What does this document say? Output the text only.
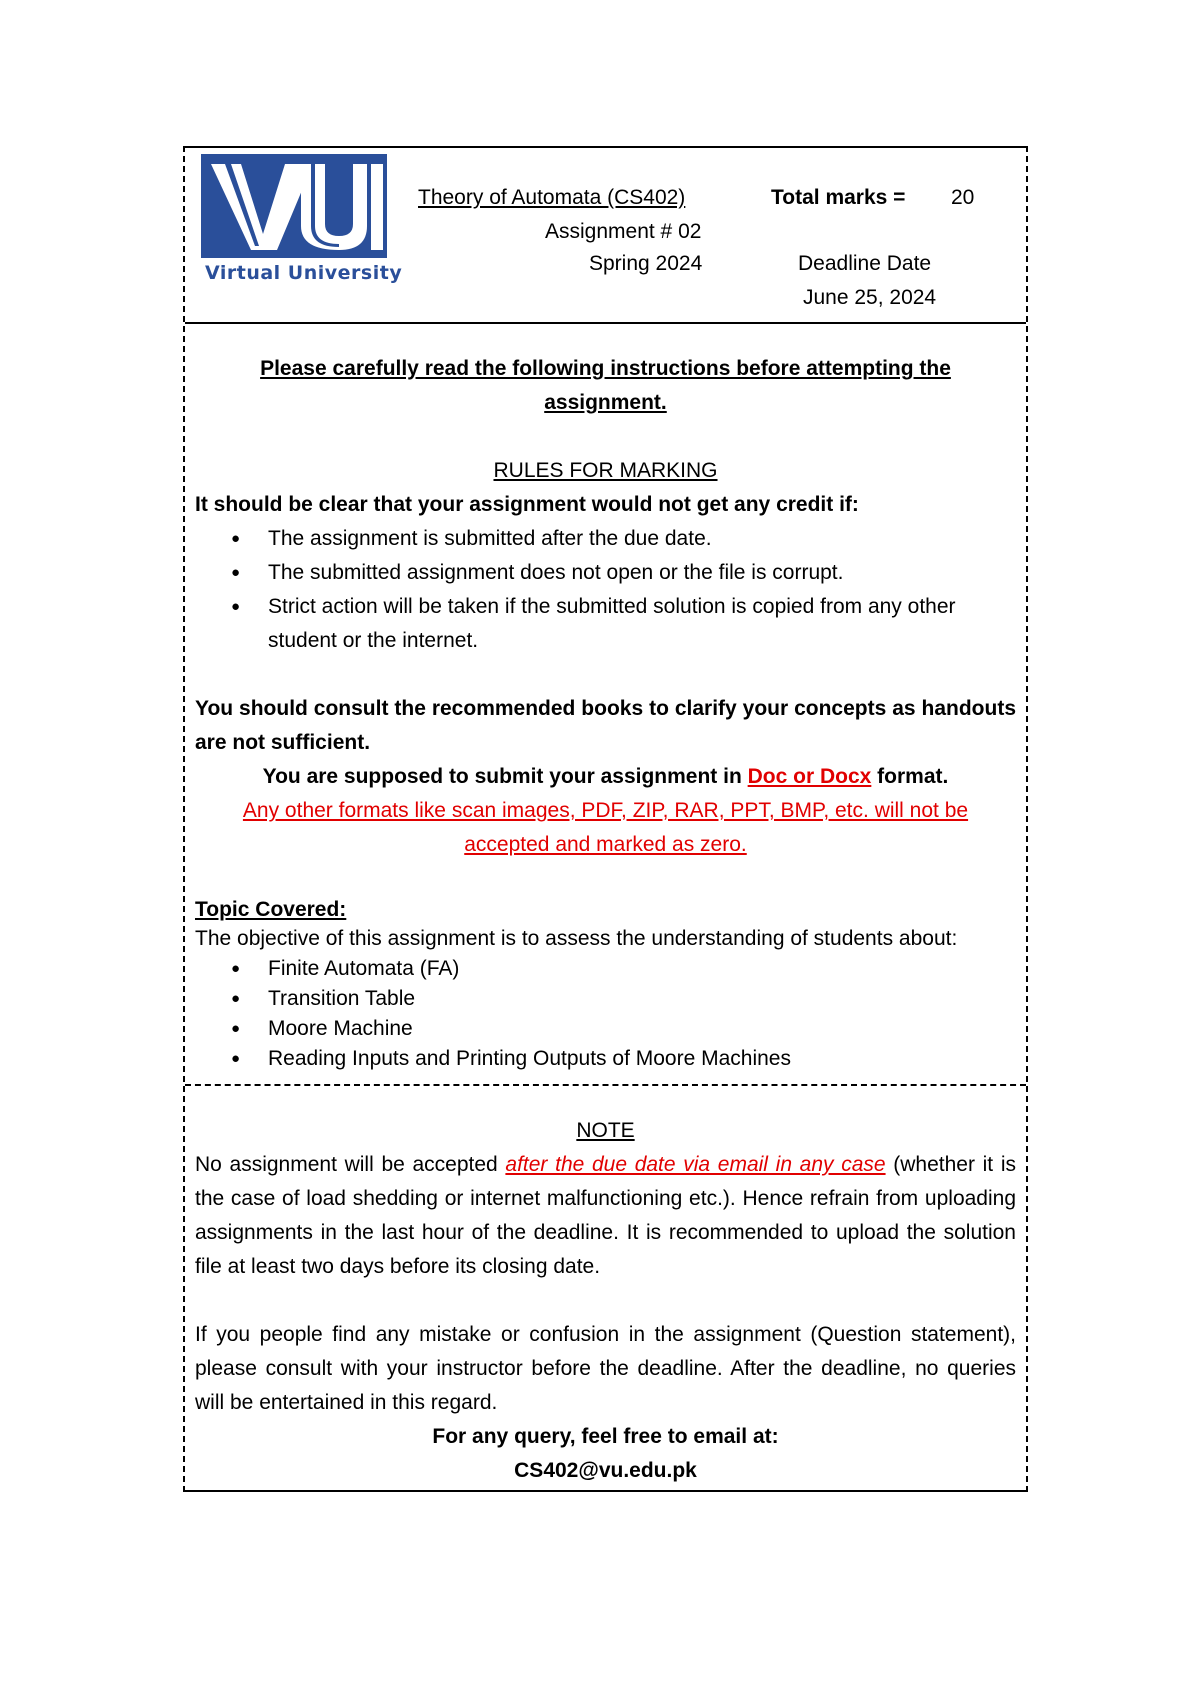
Virtual University
Theory of Automata (CS402)
Assignment # 02
Spring 2024
Total marks = 20
Deadline Date
June 25, 2024

Please carefully read the following instructions before attempting the assignment.

RULES FOR MARKING

It should be clear that your assignment would not get any credit if:

● The assignment is submitted after the due date.
● The submitted assignment does not open or the file is corrupt.
● Strict action will be taken if the submitted solution is copied from any other student or the internet.

You should consult the recommended books to clarify your concepts as handouts are not sufficient.

You are supposed to submit your assignment in Doc or Docx format.

Any other formats like scan images, PDF, ZIP, RAR, PPT, BMP, etc. will not be accepted and marked as zero.

Topic Covered:

The objective of this assignment is to assess the understanding of students about:

● Finite Automata (FA)
● Transition Table
● Moore Machine
● Reading Inputs and Printing Outputs of Moore Machines

NOTE

No assignment will be accepted after the due date via email in any case (whether it is the case of load shedding or internet malfunctioning etc.). Hence refrain from uploading assignments in the last hour of the deadline. It is recommended to upload the solution file at least two days before its closing date.

If you people find any mistake or confusion in the assignment (Question statement), please consult with your instructor before the deadline. After the deadline, no queries will be entertained in this regard.

For any query, feel free to email at:

CS402@vu.edu.pk
